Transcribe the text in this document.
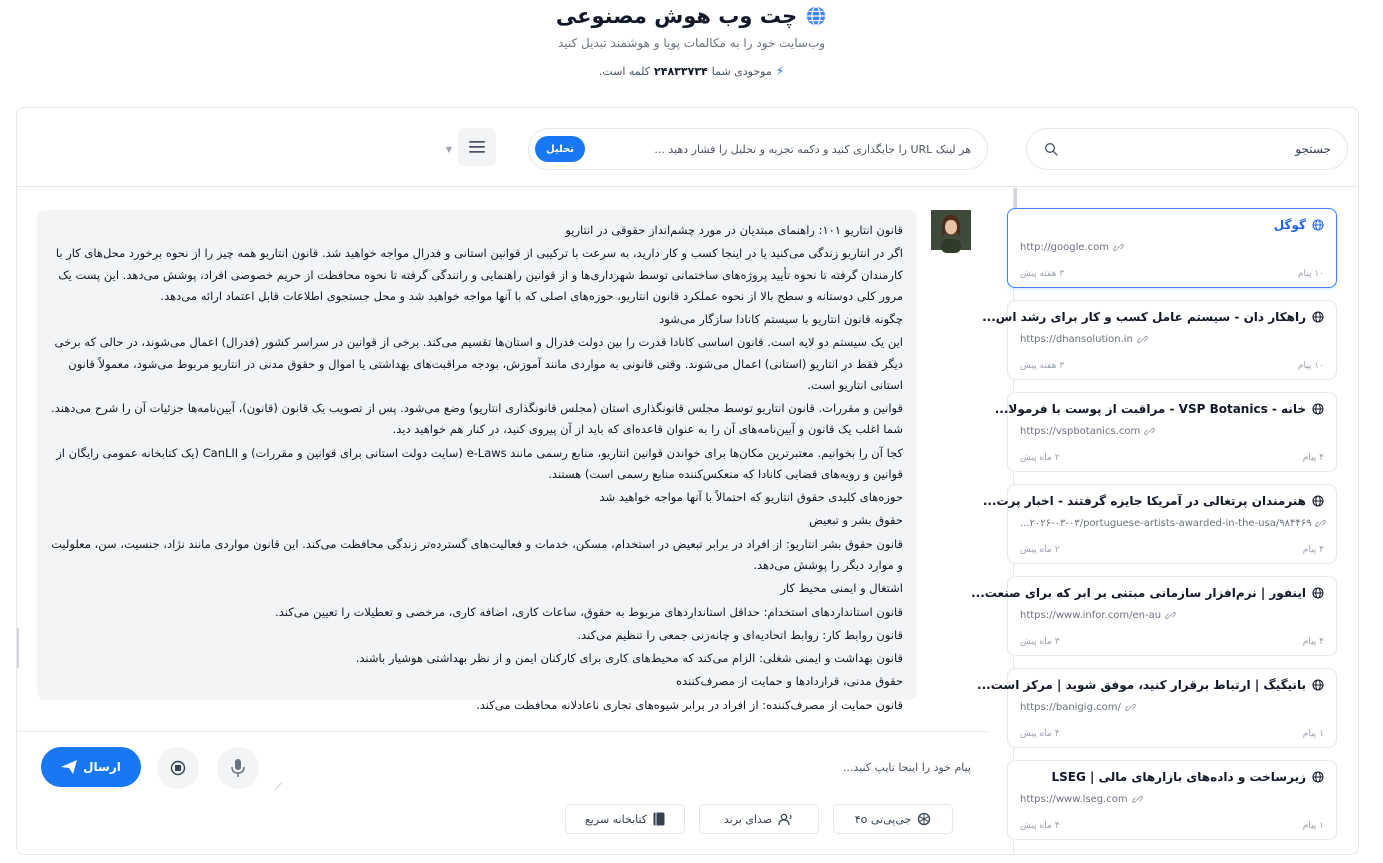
چت وب هوش مصنوعی
وب‌سایت خود را به مکالمات پویا و هوشمند تبدیل کنید
⚡
موجودی شما
۲۴۸۳۳۷۳۴
کلمه است.
جستجو
هر لینک URL را جایگذاری کنید و دکمه تجزیه و تحلیل را فشار دهید ...
تحلیل
▼
گوگل
http://google.com
۱۰ پیام
۳ هفته پیش
راهکار دان - سیستم عامل کسب و کار برای رشد اس...
https://dhansolution.in
۱۰ پیام
۳ هفته پیش
خانه - VSP Botanics - مراقبت از پوست با فرمولا...
https://vspbotanics.com
۴ پیام
۲ ماه پیش
هنرمندان پرتغالی در آمریکا جایزه گرفتند - اخبار پرت...
...۲۰۲۶-۰۳-۰۳/portuguese-artists-awarded-in-the-usa/۹۸۴۴۶۹
۴ پیام
۲ ماه پیش
اینفور | نرم‌افزار سازمانی مبتنی بر ابر که برای صنعت...
https://www.infor.com/en-au
۴ پیام
۳ ماه پیش
بانیگیگ | ارتباط برقرار کنید، موفق شوید | مرکز است...
https://banigig.com/
۱ پیام
۴ ماه پیش
زیرساخت و داده‌های بازارهای مالی | LSEG
https://www.lseg.com
۱ پیام
۴ ماه پیش

قانون انتاریو ۱۰۱: راهنمای مبتدیان در مورد چشم‌انداز حقوقی در انتاریو

اگر در انتاریو زندگی می‌کنید یا در اینجا کسب و کار دارید، به سرعت با ترکیبی از قوانین استانی و فدرال مواجه خواهید شد. قانون انتاریو همه چیز را از نحوه برخورد محل‌های کار با کارمندان گرفته تا نحوه تأیید پروژه‌های ساختمانی توسط شهرداری‌ها و از قوانین راهنمایی و رانندگی گرفته تا نحوه محافظت از حریم خصوصی افراد، پوشش می‌دهد. این پست یک مرور کلی دوستانه و سطح بالا از نحوه عملکرد قانون انتاریو، حوزه‌های اصلی که با آنها مواجه خواهید شد و محل جستجوی اطلاعات قابل اعتماد ارائه می‌دهد.

چگونه قانون انتاریو با سیستم کانادا سازگار می‌شود

این یک سیستم دو لایه است. قانون اساسی کانادا قدرت را بین دولت فدرال و استان‌ها تقسیم می‌کند. برخی از قوانین در سراسر کشور (فدرال) اعمال می‌شوند، در حالی که برخی دیگر فقط در انتاریو (استانی) اعمال می‌شوند. وقتی قانونی به مواردی مانند آموزش، بودجه مراقبت‌های بهداشتی یا اموال و حقوق مدنی در انتاریو مربوط می‌شود، معمولاً قانون استانی انتاریو است.

قوانین و مقررات. قانون انتاریو توسط مجلس قانونگذاری استان (مجلس قانونگذاری انتاریو) وضع می‌شود. پس از تصویب یک قانون (قانون)، آیین‌نامه‌ها جزئیات آن را شرح می‌دهند. شما اغلب یک قانون و آیین‌نامه‌های آن را به عنوان قاعده‌ای که باید از آن پیروی کنید، در کنار هم خواهید دید.

کجا آن را بخوانیم. معتبرترین مکان‌ها برای خواندن قوانین انتاریو، منابع رسمی مانند e-Laws (سایت دولت استانی برای قوانین و مقررات) و CanLII (یک کتابخانه عمومی رایگان از قوانین و رویه‌های قضایی کانادا که منعکس‌کننده منابع رسمی است) هستند.

حوزه‌های کلیدی حقوق انتاریو که احتمالاً با آنها مواجه خواهید شد

حقوق بشر و تبعیض

قانون حقوق بشر انتاریو: از افراد در برابر تبعیض در استخدام، مسکن، خدمات و فعالیت‌های گسترده‌تر زندگی محافظت می‌کند. این قانون مواردی مانند نژاد، جنسیت، سن، معلولیت و موارد دیگر را پوشش می‌دهد.

اشتغال و ایمنی محیط کار

قانون استانداردهای استخدام: حداقل استانداردهای مربوط به حقوق، ساعات کاری، اضافه کاری، مرخصی و تعطیلات را تعیین می‌کند.

قانون روابط کار: روابط اتحادیه‌ای و چانه‌زنی جمعی را تنظیم می‌کند.

قانون بهداشت و ایمنی شغلی: الزام می‌کند که محیط‌های کاری برای کارکنان ایمن و از نظر بهداشتی هوشیار باشند.

حقوق مدنی، قراردادها و حمایت از مصرف‌کننده

قانون حمایت از مصرف‌کننده: از افراد در برابر شیوه‌های تجاری ناعادلانه محافظت می‌کند.

پیام خود را اینجا تایپ کنید...
ارسال
⟍
جی‌پی‌تی ۴o
صدای برند
کتابخانه سریع
